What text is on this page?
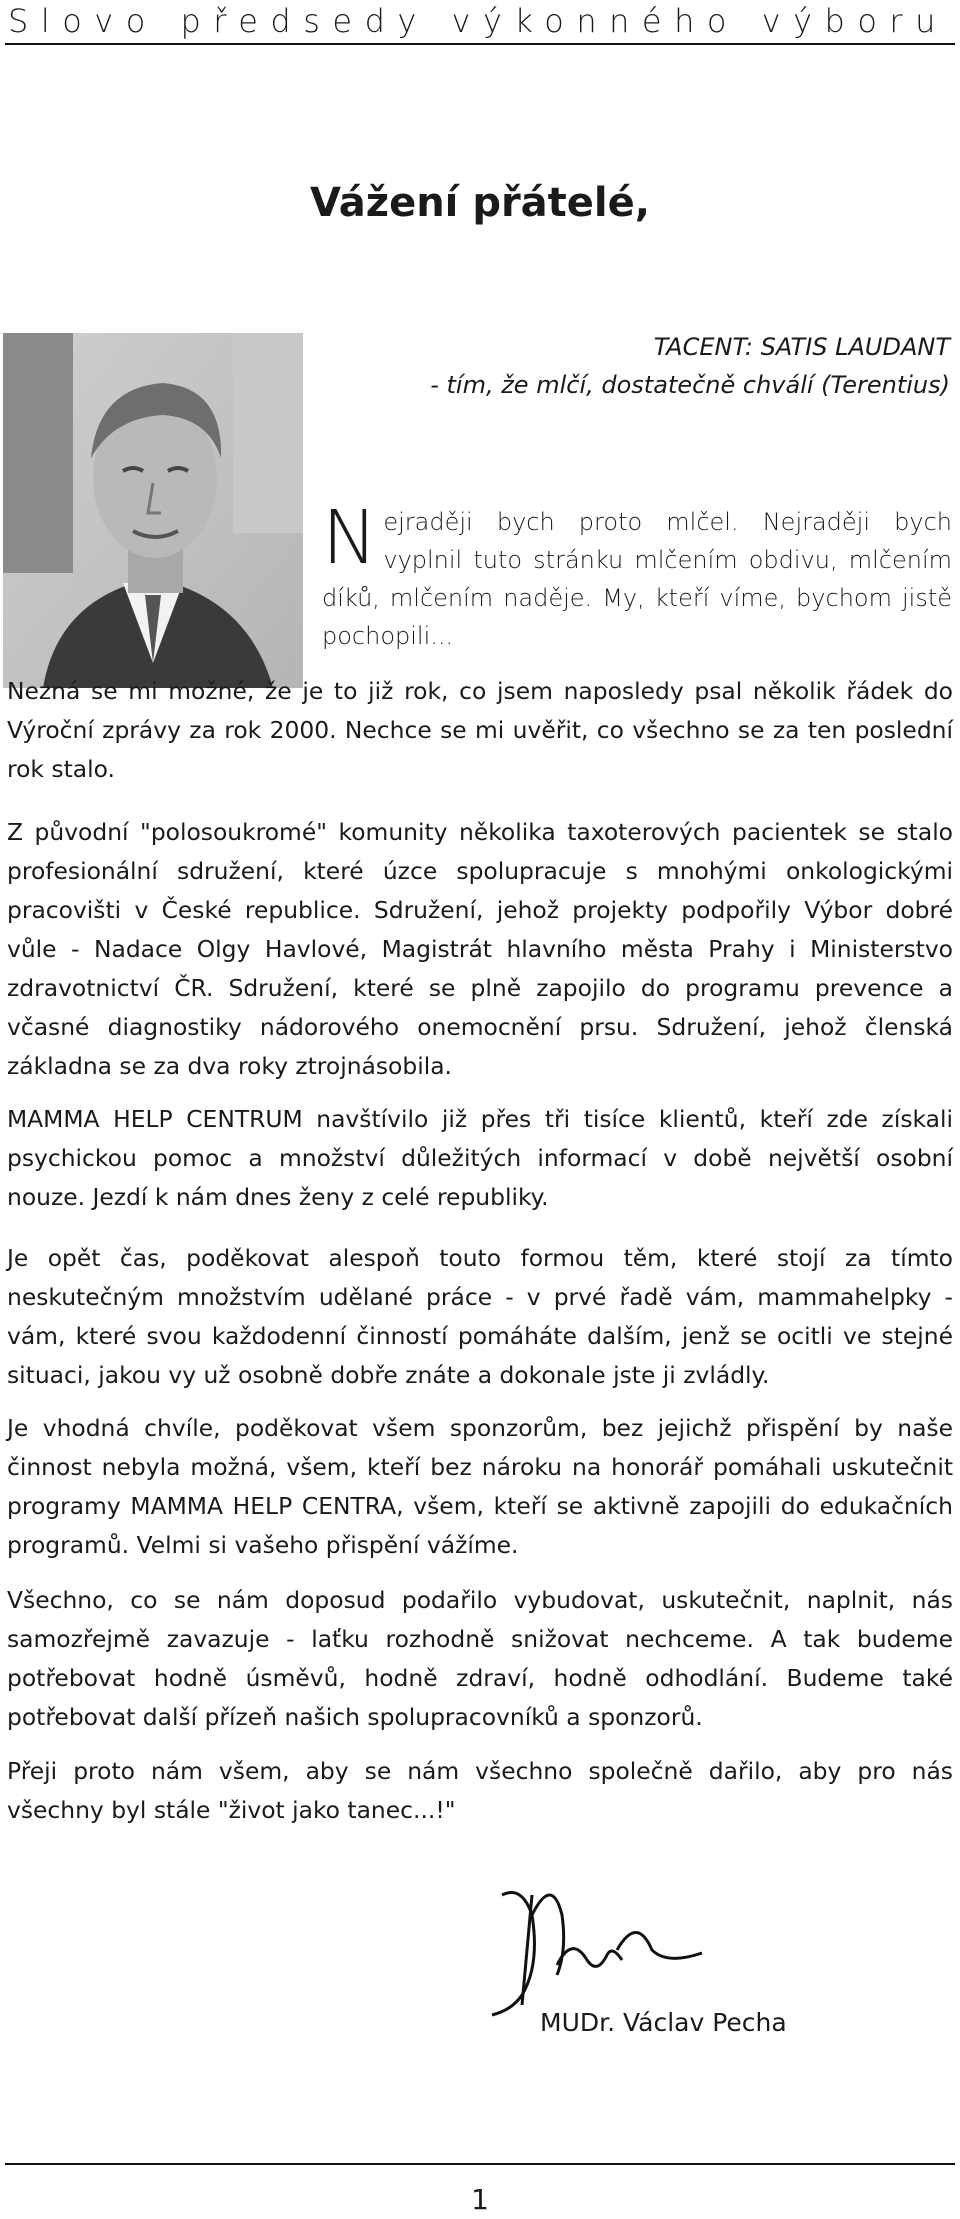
Slovo předsedy výkonného výboru
Vážení přátelé,
TACENT: SATIS LAUDANT
- tím, že mlčí, dostatečně chválí (Terentius)
Nejraději bych proto mlčel. Nejraději bych vyplnil tuto stránku mlčením obdivu, mlčením díků, mlčením naděje. My, kteří víme, bychom jistě pochopili...

Nezná se mi možné, že je to již rok, co jsem naposledy psal několik řádek do Výroční zprávy za rok 2000. Nechce se mi uvěřit, co všechno se za ten poslední rok stalo.

Z původní "polosoukromé" komunity několika taxoterových pacientek se stalo profesionální sdružení, které úzce spolupracuje s mnohými onkologickými pracovišti v České republice. Sdružení, jehož projekty podpořily Výbor dobré vůle - Nadace Olgy Havlové, Magistrát hlavního města Prahy i Ministerstvo zdravotnictví ČR. Sdružení, které se plně zapojilo do programu prevence a včasné diagnostiky nádorového onemocnění prsu. Sdružení, jehož členská základna se za dva roky ztrojnásobila.

MAMMA HELP CENTRUM navštívilo již přes tři tisíce klientů, kteří zde získali psychickou pomoc a množství důležitých informací v době největší osobní nouze. Jezdí k nám dnes ženy z celé republiky.

Je opět čas, poděkovat alespoň touto formou těm, které stojí za tímto neskutečným množstvím udělané práce - v prvé řadě vám, mammahelpky - vám, které svou každodenní činností pomáháte dalším, jenž se ocitli ve stejné situaci, jakou vy už osobně dobře znáte a dokonale jste ji zvládly.

Je vhodná chvíle, poděkovat všem sponzorům, bez jejichž přispění by naše činnost nebyla možná, všem, kteří bez nároku na honorář pomáhali uskutečnit programy MAMMA HELP CENTRA, všem, kteří se aktivně zapojili do edukačních programů. Velmi si vašeho přispění vážíme.

Všechno, co se nám doposud podařilo vybudovat, uskutečnit, naplnit, nás samozřejmě zavazuje - laťku rozhodně snižovat nechceme. A tak budeme potřebovat hodně úsměvů, hodně zdraví, hodně odhodlání. Budeme také potřebovat další přízeň našich spolupracovníků a sponzorů.

Přeji proto nám všem, aby se nám všechno společně dařilo, aby pro nás všechny byl stále "život jako tanec...!"

MUDr. Václav Pecha
1
